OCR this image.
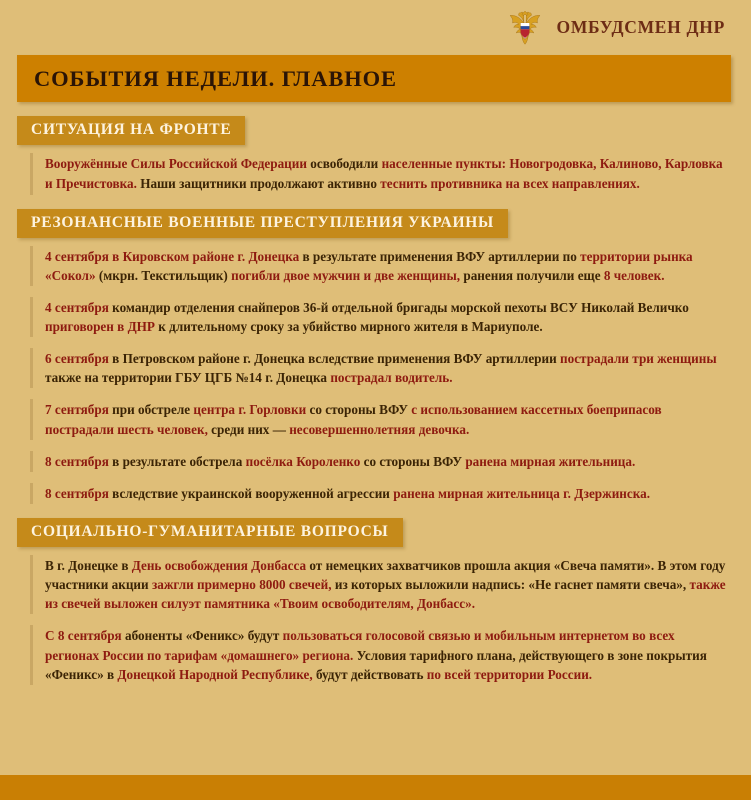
ОМБУДСМЕН ДНР
СОБЫТИЯ НЕДЕЛИ. ГЛАВНОЕ
СИТУАЦИЯ НА ФРОНТЕ

Вооружённые Силы Российской Федерации освободили населенные пункты: Новогродовка, Калиново, Карловка и Пречистовка. Наши защитники продолжают активно теснить противника на всех направлениях.

РЕЗОНАНСНЫЕ ВОЕННЫЕ ПРЕСТУПЛЕНИЯ УКРАИНЫ

4 сентября в Кировском районе г. Донецка в результате применения ВФУ артиллерии по территории рынка «Сокол» (мкрн. Текстильщик) погибли двое мужчин и две женщины, ранения получили еще 8 человек.

4 сентября командир отделения снайперов 36-й отдельной бригады морской пехоты ВСУ Николай Величко приговорен в ДНР к длительному сроку за убийство мирного жителя в Мариуполе.

6 сентября в Петровском районе г. Донецка вследствие применения ВФУ артиллерии пострадали три женщины также на территории ГБУ ЦГБ №14 г. Донецка пострадал водитель.

7 сентября при обстреле центра г. Горловки со стороны ВФУ с использованием кассетных боеприпасов пострадали шесть человек, среди них — несовершеннолетняя девочка.

8 сентября в результате обстрела посёлка Короленко со стороны ВФУ ранена мирная жительница.

8 сентября вследствие украинской вооруженной агрессии ранена мирная жительница г. Дзержинска.

СОЦИАЛЬНО-ГУМАНИТАРНЫЕ ВОПРОСЫ

В г. Донецке в День освобождения Донбасса от немецких захватчиков прошла акция «Свеча памяти». В этом году участники акции зажгли примерно 8000 свечей, из которых выложили надпись: «Не гаснет памяти свеча», также из свечей выложен силуэт памятника «Твоим освободителям, Донбасс».

С 8 сентября абоненты «Феникс» будут пользоваться голосовой связью и мобильным интернетом во всех регионах России по тарифам «домашнего» региона. Условия тарифного плана, действующего в зоне покрытия «Феникс» в Донецкой Народной Республике, будут действовать по всей территории России.
